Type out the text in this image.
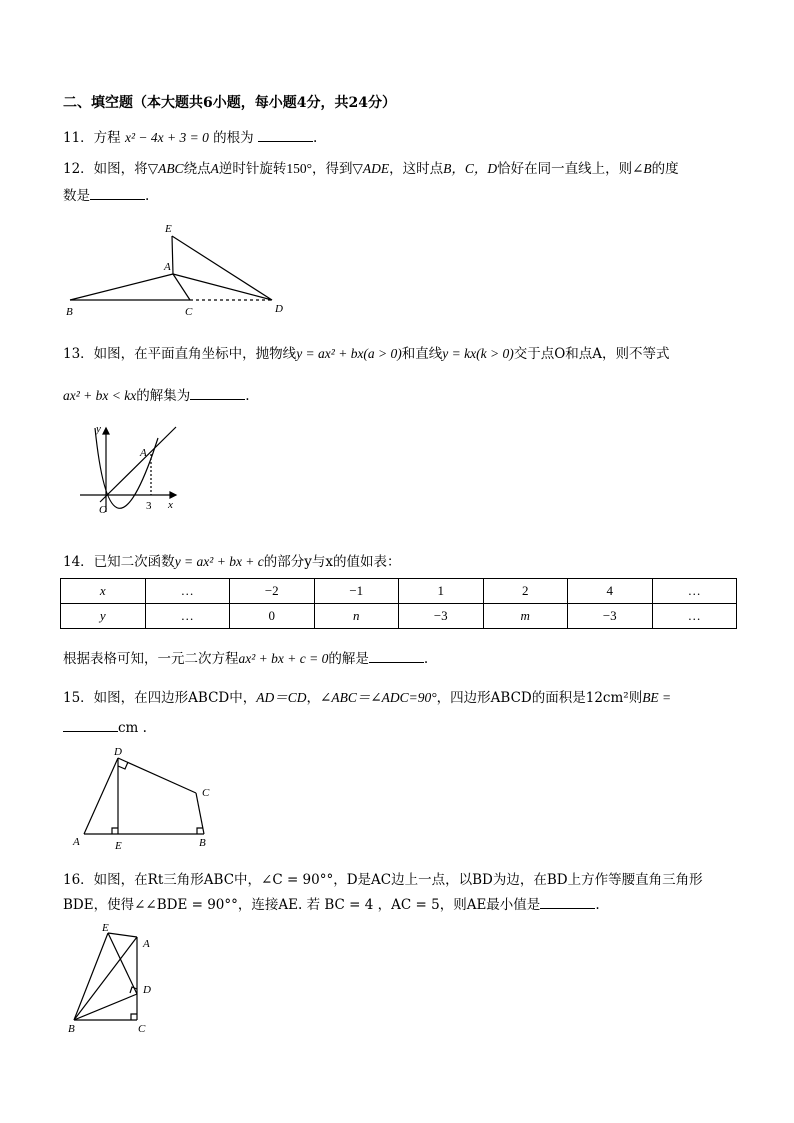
二、填空题（本大题共6小题，每小题4分，共24分）
11．方程 x² − 4x + 3 = 0 的根为	.
12．如图，将▽ABC绕点A逆时针旋转150°，得到▽ADE，这时点B，C，D恰好在同一直线上，则∠B的度
数是	.
E
A
B	C	D
13．如图，在平面直角坐标中，抛物线y = ax² + bx(a > 0)和直线y = kx(k > 0)交于点O和点A，则不等式
ax² + bx < kx的解集为	.
y
A
O	3 x
14．已知二次函数y = ax² + bx + c的部分y与x的值如表：
x	…	−2	−1	1	2	4	…
y	…	0	n	−3	m	−3	…
根据表格可知，一元二次方程ax² + bx + c = 0的解是	.
15．如图，在四边形ABCD中，AD＝CD，∠ABC＝∠ADC=90°，四边形ABCD的面积是12cm²则BE =
cm .
D
C
A	E	B
16．如图，在Rt三角形ABC中，∠C = 90°°，D是AC边上一点，以BD为边，在BD上方作等腰直角三角形
BDE，使得∠∠BDE = 90°°，连接AE. 若 BC = 4 ，AC = 5，则AE最小值是	.
E
A
D
B	C
